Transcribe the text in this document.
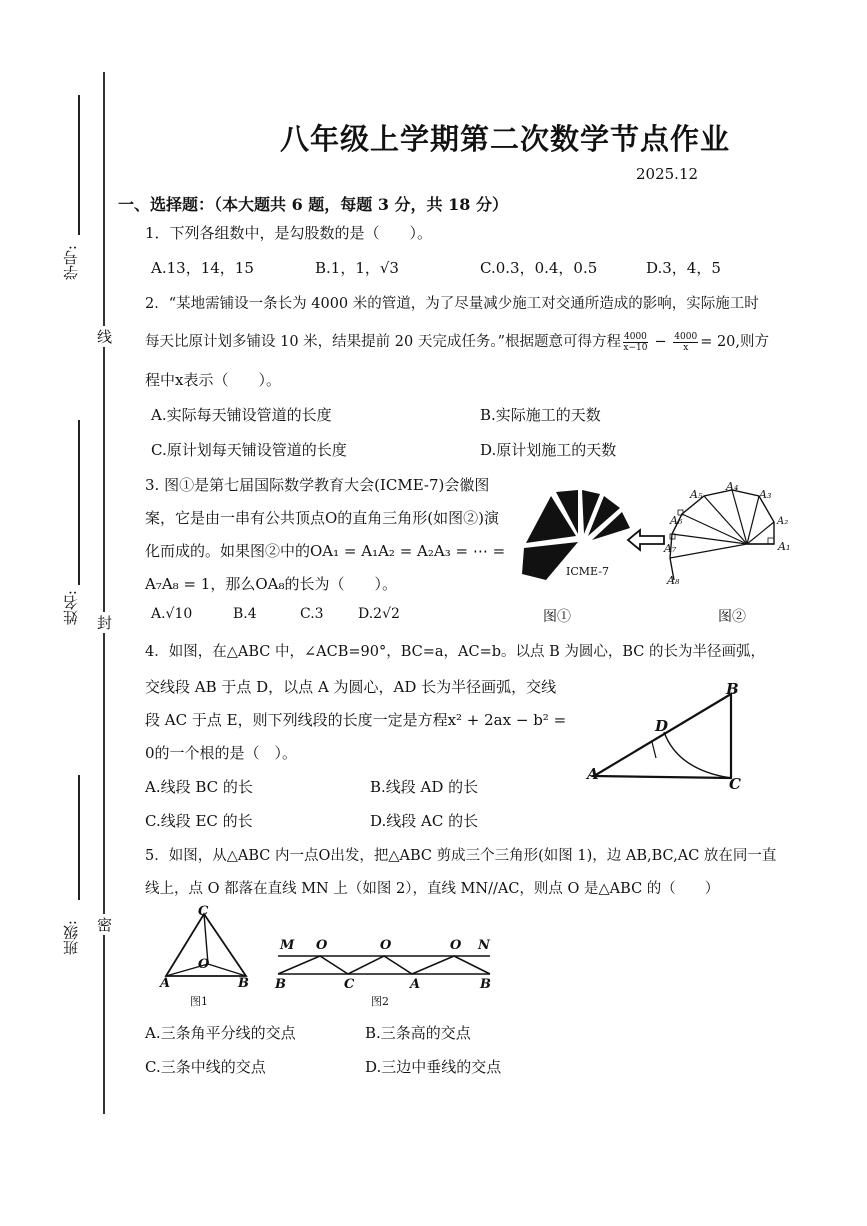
学号:
姓名:
班级:
线
封
密
八年级上学期第二次数学节点作业
2025.12
一、选择题：（本大题共 6 题，每题 3 分，共 18 分）
1．下列各组数中，是勾股数的是（　　）。
A.13，14，15	B.1，1，√3	C.0.3，0.4，0.5	D.3，4，5
2．“某地需铺设一条长为 4000 米的管道，为了尽量减少施工对交通所造成的影响，实际施工时
每天比原计划多铺设 10 米，结果提前 20 天完成任务。”根据题意可得方程 $\frac{4000}{x-10} - \frac{4000}{x} = 20$,则方
程中x表示（　　）。
A.实际每天铺设管道的长度	B.实际施工的天数
C.原计划每天铺设管道的长度	D.原计划施工的天数
3. 图①是第七届国际数学教育大会(ICME-7)会徽图
案，它是由一串有公共顶点O的直角三角形(如图②)演
化而成的。如果图②中的OA₁ = A₁A₂ = A₂A₃ = ⋯ =
A₇A₈ = 1，那么OA₈的长为（　　）。
A.√10	B.4	C.3 D.2√2
ICME-7
图①
A₁
A₂
A₃
A₄
A₅
A₆
A₇
A₈
图②
4．如图，在△ABC 中，∠ACB=90°，BC=a，AC=b。以点 B 为圆心，BC 的长为半径画弧，
交线段 AB 于点 D，以点 A 为圆心，AD 长为半径画弧，交线
段 AC 于点 E，则下列线段的长度一定是方程x² + 2ax − b² =
0的一个根的是（　）。
A.线段 BC 的长	B.线段 AD 的长
C.线段 EC 的长	D.线段 AC 的长
A
B
C
D
5．如图，从△ABC 内一点O出发，把△ABC 剪成三个三角形(如图 1)，边 AB,BC,AC 放在同一直
线上，点 O 都落在直线 MN 上（如图 2），直线 MN//AC，则点 O 是△ABC 的（　　）
C
O
A	B
图1
M O	O	O N
B	C	A	B
图2
A.三条角平分线的交点	B.三条高的交点
C.三条中线的交点	D.三边中垂线的交点
